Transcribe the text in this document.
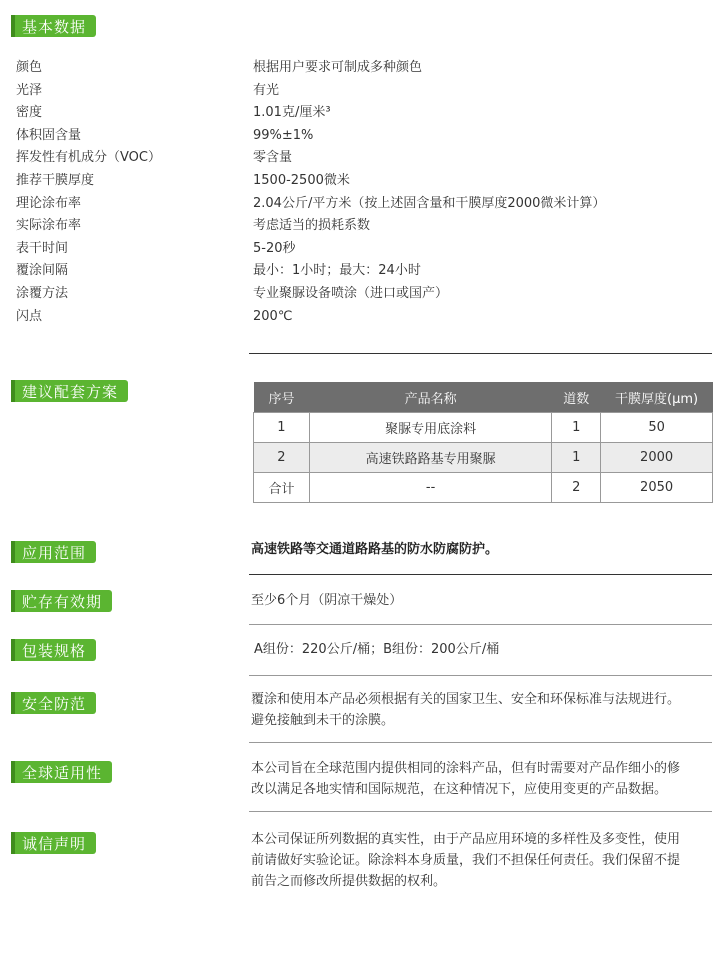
基本数据
颜色	根据用户要求可制成多种颜色
光泽	有光
密度	1.01克/厘米³
体积固含量	99%±1%
挥发性有机成分（VOC）	零含量
推荐干膜厚度	1500-2500微米
理论涂布率	2.04公斤/平方米（按上述固含量和干膜厚度2000微米计算）
实际涂布率	考虑适当的损耗系数
表干时间	5-20秒
覆涂间隔	最小：1小时；最大：24小时
涂覆方法	专业聚脲设备喷涂（进口或国产）
闪点	200℃
建议配套方案	序号	产品名称	道数	干膜厚度(μm)
1	聚脲专用底涂料	1	50
2	高速铁路路基专用聚脲	1	2000
合计	--	2	2050
应用范围	高速铁路等交通道路路基的防水防腐防护。
贮存有效期	至少6个月（阴凉干燥处）
包装规格	A组份：220公斤/桶；B组份：200公斤/桶
安全防范	覆涂和使用本产品必须根据有关的国家卫生、安全和环保标准与法规进行。
避免接触到未干的涂膜。
全球适用性	本公司旨在全球范围内提供相同的涂料产品，但有时需要对产品作细小的修
改以满足各地实情和国际规范，在这种情况下，应使用变更的产品数据。
诚信声明	本公司保证所列数据的真实性，由于产品应用环境的多样性及多变性，使用
前请做好实验论证。除涂料本身质量，我们不担保任何责任。我们保留不提
前告之而修改所提供数据的权利。
